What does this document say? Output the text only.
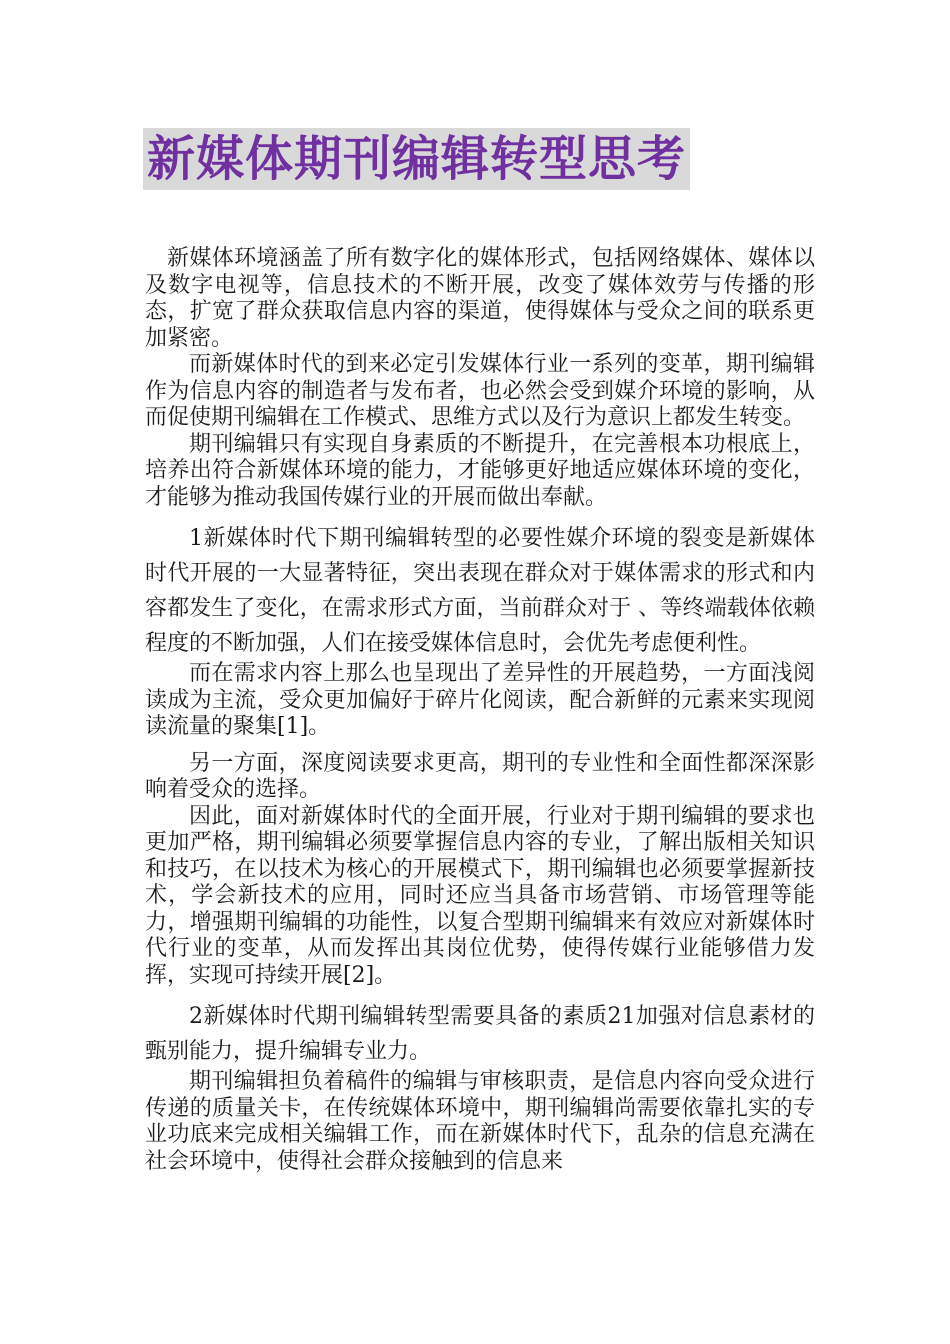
新媒体期刊编辑转型思考

新媒体环境涵盖了所有数字化的媒体形式，包括网络媒体、媒体以及数字电视等，信息技术的不断开展，改变了媒体效劳与传播的形态，扩宽了群众获取信息内容的渠道，使得媒体与受众之间的联系更加紧密。

而新媒体时代的到来必定引发媒体行业一系列的变革，期刊编辑作为信息内容的制造者与发布者，也必然会受到媒介环境的影响，从而促使期刊编辑在工作模式、思维方式以及行为意识上都发生转变。

期刊编辑只有实现自身素质的不断提升，在完善根本功根底上，培养出符合新媒体环境的能力，才能够更好地适应媒体环境的变化，才能够为推动我国传媒行业的开展而做出奉献。

1新媒体时代下期刊编辑转型的必要性媒介环境的裂变是新媒体时代开展的一大显著特征，突出表现在群众对于媒体需求的形式和内容都发生了变化，在需求形式方面，当前群众对于 、等终端载体依赖程度的不断加强，人们在接受媒体信息时，会优先考虑便利性。

而在需求内容上那么也呈现出了差异性的开展趋势，一方面浅阅读成为主流，受众更加偏好于碎片化阅读，配合新鲜的元素来实现阅读流量的聚集[1]。

另一方面，深度阅读要求更高，期刊的专业性和全面性都深深影响着受众的选择。

因此，面对新媒体时代的全面开展，行业对于期刊编辑的要求也更加严格，期刊编辑必须要掌握信息内容的专业，了解出版相关知识和技巧，在以技术为核心的开展模式下，期刊编辑也必须要掌握新技术，学会新技术的应用，同时还应当具备市场营销、市场管理等能力，增强期刊编辑的功能性，以复合型期刊编辑来有效应对新媒体时代行业的变革，从而发挥出其岗位优势，使得传媒行业能够借力发挥，实现可持续开展[2]。

2新媒体时代期刊编辑转型需要具备的素质21加强对信息素材的甄别能力，提升编辑专业力。

期刊编辑担负着稿件的编辑与审核职责，是信息内容向受众进行传递的质量关卡，在传统媒体环境中，期刊编辑尚需要依靠扎实的专业功底来完成相关编辑工作，而在新媒体时代下，乱杂的信息充满在社会环境中，使得社会群众接触到的信息来
